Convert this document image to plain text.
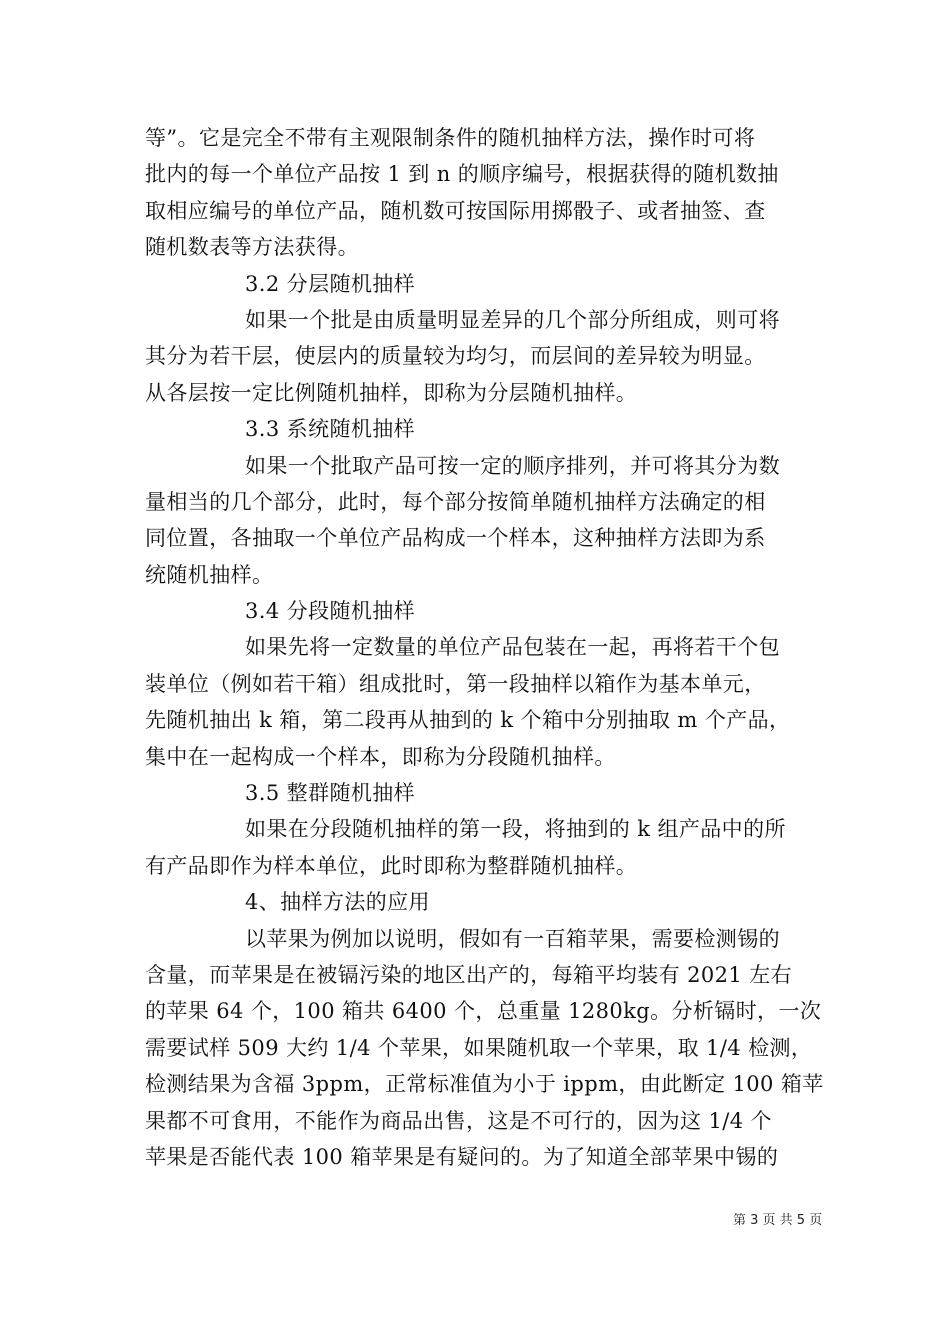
等”。它是完全不带有主观限制条件的随机抽样方法，操作时可将
批内的每一个单位产品按 1 到 n 的顺序编号，根据获得的随机数抽
取相应编号的单位产品，随机数可按国际用掷骰子、或者抽签、查
随机数表等方法获得。
3.2 分层随机抽样
如果一个批是由质量明显差异的几个部分所组成，则可将
其分为若干层，使层内的质量较为均匀，而层间的差异较为明显。
从各层按一定比例随机抽样，即称为分层随机抽样。
3.3 系统随机抽样
如果一个批取产品可按一定的顺序排列，并可将其分为数
量相当的几个部分，此时，每个部分按简单随机抽样方法确定的相
同位置，各抽取一个单位产品构成一个样本，这种抽样方法即为系
统随机抽样。
3.4 分段随机抽样
如果先将一定数量的单位产品包装在一起，再将若干个包
装单位（例如若干箱）组成批时，第一段抽样以箱作为基本单元，
先随机抽出 k 箱，第二段再从抽到的 k 个箱中分别抽取 m 个产品，
集中在一起构成一个样本，即称为分段随机抽样。
3.5 整群随机抽样
如果在分段随机抽样的第一段，将抽到的 k 组产品中的所
有产品即作为样本单位，此时即称为整群随机抽样。
4、抽样方法的应用
以苹果为例加以说明，假如有一百箱苹果，需要检测锡的
含量，而苹果是在被镉污染的地区出产的，每箱平均装有 2021 左右
的苹果 64 个，100 箱共 6400 个，总重量 1280kg。分析镉时，一次
需要试样 509 大约 1/4 个苹果，如果随机取一个苹果，取 1/4 检测，
检测结果为含福 3ppm，正常标准值为小于 ippm，由此断定 100 箱苹
果都不可食用，不能作为商品出售，这是不可行的，因为这 1/4 个
苹果是否能代表 100 箱苹果是有疑问的。为了知道全部苹果中锡的
第 3 页 共 5 页
